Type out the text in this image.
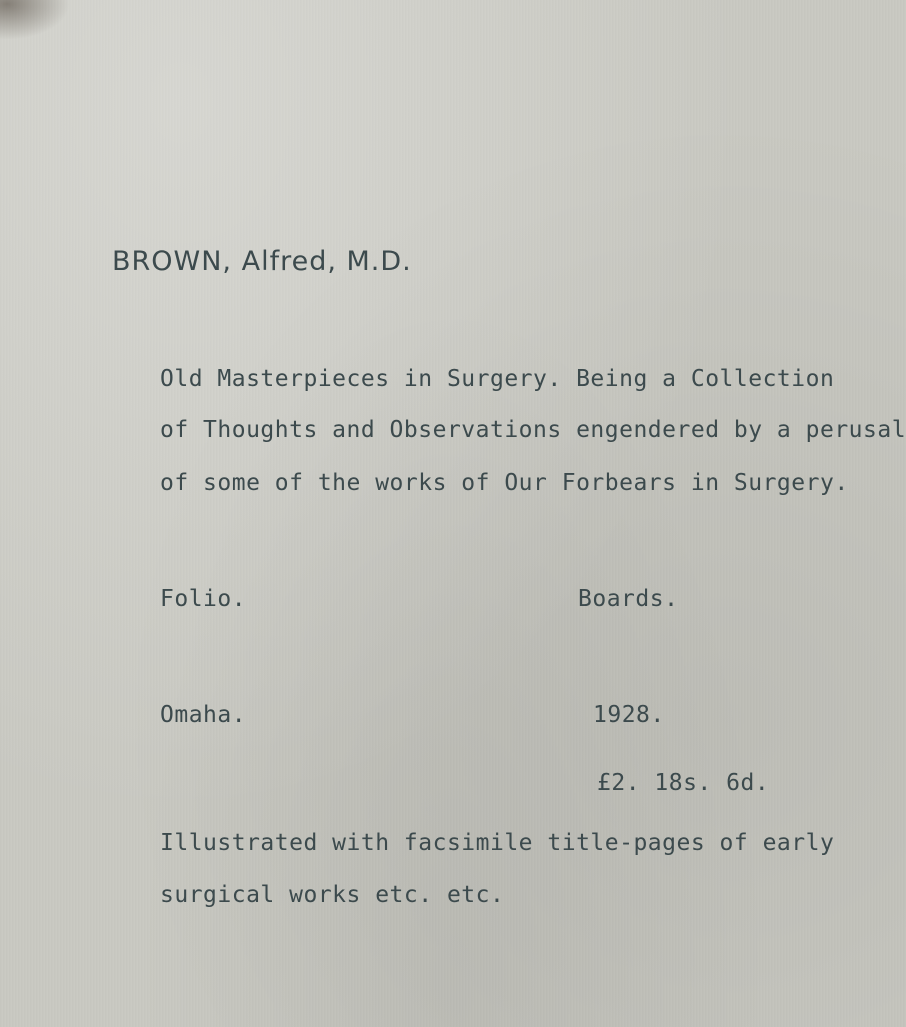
BROWN, Alfred, M.D.
Old Masterpieces in Surgery. Being a Collection
of Thoughts and Observations engendered by a perusal
of some of the works of Our Forbears in Surgery.
Folio.	Boards.
Omaha.	1928.
£2. 18s. 6d.
Illustrated with facsimile title-pages of early
surgical works etc. etc.
